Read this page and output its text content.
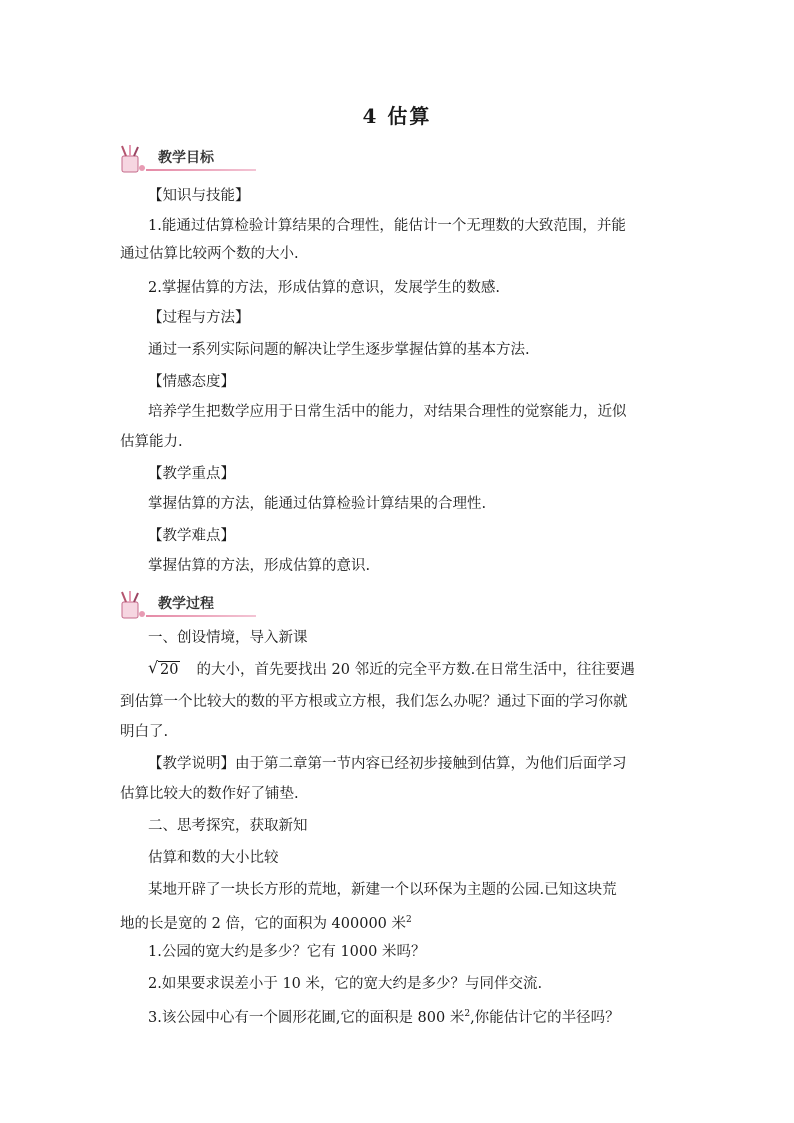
4 估算
教学目标
【知识与技能】
1.能通过估算检验计算结果的合理性，能估计一个无理数的大致范围，并能
通过估算比较两个数的大小.
2.掌握估算的方法，形成估算的意识，发展学生的数感.
【过程与方法】
通过一系列实际问题的解决让学生逐步掌握估算的基本方法.
【情感态度】
培养学生把数学应用于日常生活中的能力，对结果合理性的觉察能力，近似
估算能力.
【教学重点】
掌握估算的方法，能通过估算检验计算结果的合理性.
【教学难点】
掌握估算的方法，形成估算的意识.
教学过程
一、创设情境，导入新课
√ 20 的大小，首先要找出 20 邻近的完全平方数.在日常生活中，往往要遇
到估算一个比较大的数的平方根或立方根，我们怎么办呢？通过下面的学习你就
明白了.
【教学说明】由于第二章第一节内容已经初步接触到估算，为他们后面学习
估算比较大的数作好了铺垫.
二、思考探究，获取新知
估算和数的大小比较
某地开辟了一块长方形的荒地，新建一个以环保为主题的公园.已知这块荒
地的长是宽的 2 倍，它的面积为 400000 米$^2$
1.公园的宽大约是多少？它有 1000 米吗？
2.如果要求误差小于 10 米，它的宽大约是多少？与同伴交流.
3.该公园中心有一个圆形花圃,它的面积是 800 米$^2$,你能估计它的半径吗？
